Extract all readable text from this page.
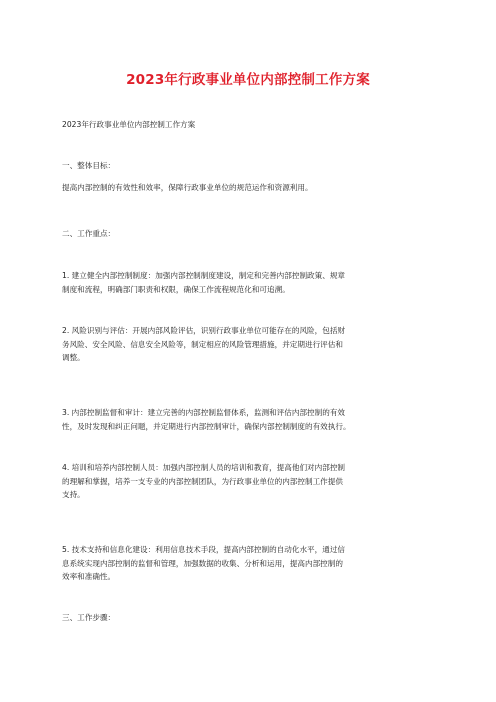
2023年行政事业单位内部控制工作方案
2023年行政事业单位内部控制工作方案
一、整体目标：
提高内部控制的有效性和效率，保障行政事业单位的规范运作和资源利用。
二、工作重点：
1. 建立健全内部控制制度：加强内部控制制度建设，制定和完善内部控制政策、规章
制度和流程，明确部门职责和权限，确保工作流程规范化和可追溯。
2. 风险识别与评估：开展内部风险评估，识别行政事业单位可能存在的风险，包括财
务风险、安全风险、信息安全风险等，制定相应的风险管理措施，并定期进行评估和
调整。
3. 内部控制监督和审计：建立完善的内部控制监督体系，监测和评估内部控制的有效
性，及时发现和纠正问题，并定期进行内部控制审计，确保内部控制制度的有效执行。
4. 培训和培养内部控制人员：加强内部控制人员的培训和教育，提高他们对内部控制
的理解和掌握，培养一支专业的内部控制团队，为行政事业单位的内部控制工作提供
支持。
5. 技术支持和信息化建设：利用信息技术手段，提高内部控制的自动化水平，通过信
息系统实现内部控制的监督和管理，加强数据的收集、分析和运用，提高内部控制的
效率和准确性。
三、工作步骤：
